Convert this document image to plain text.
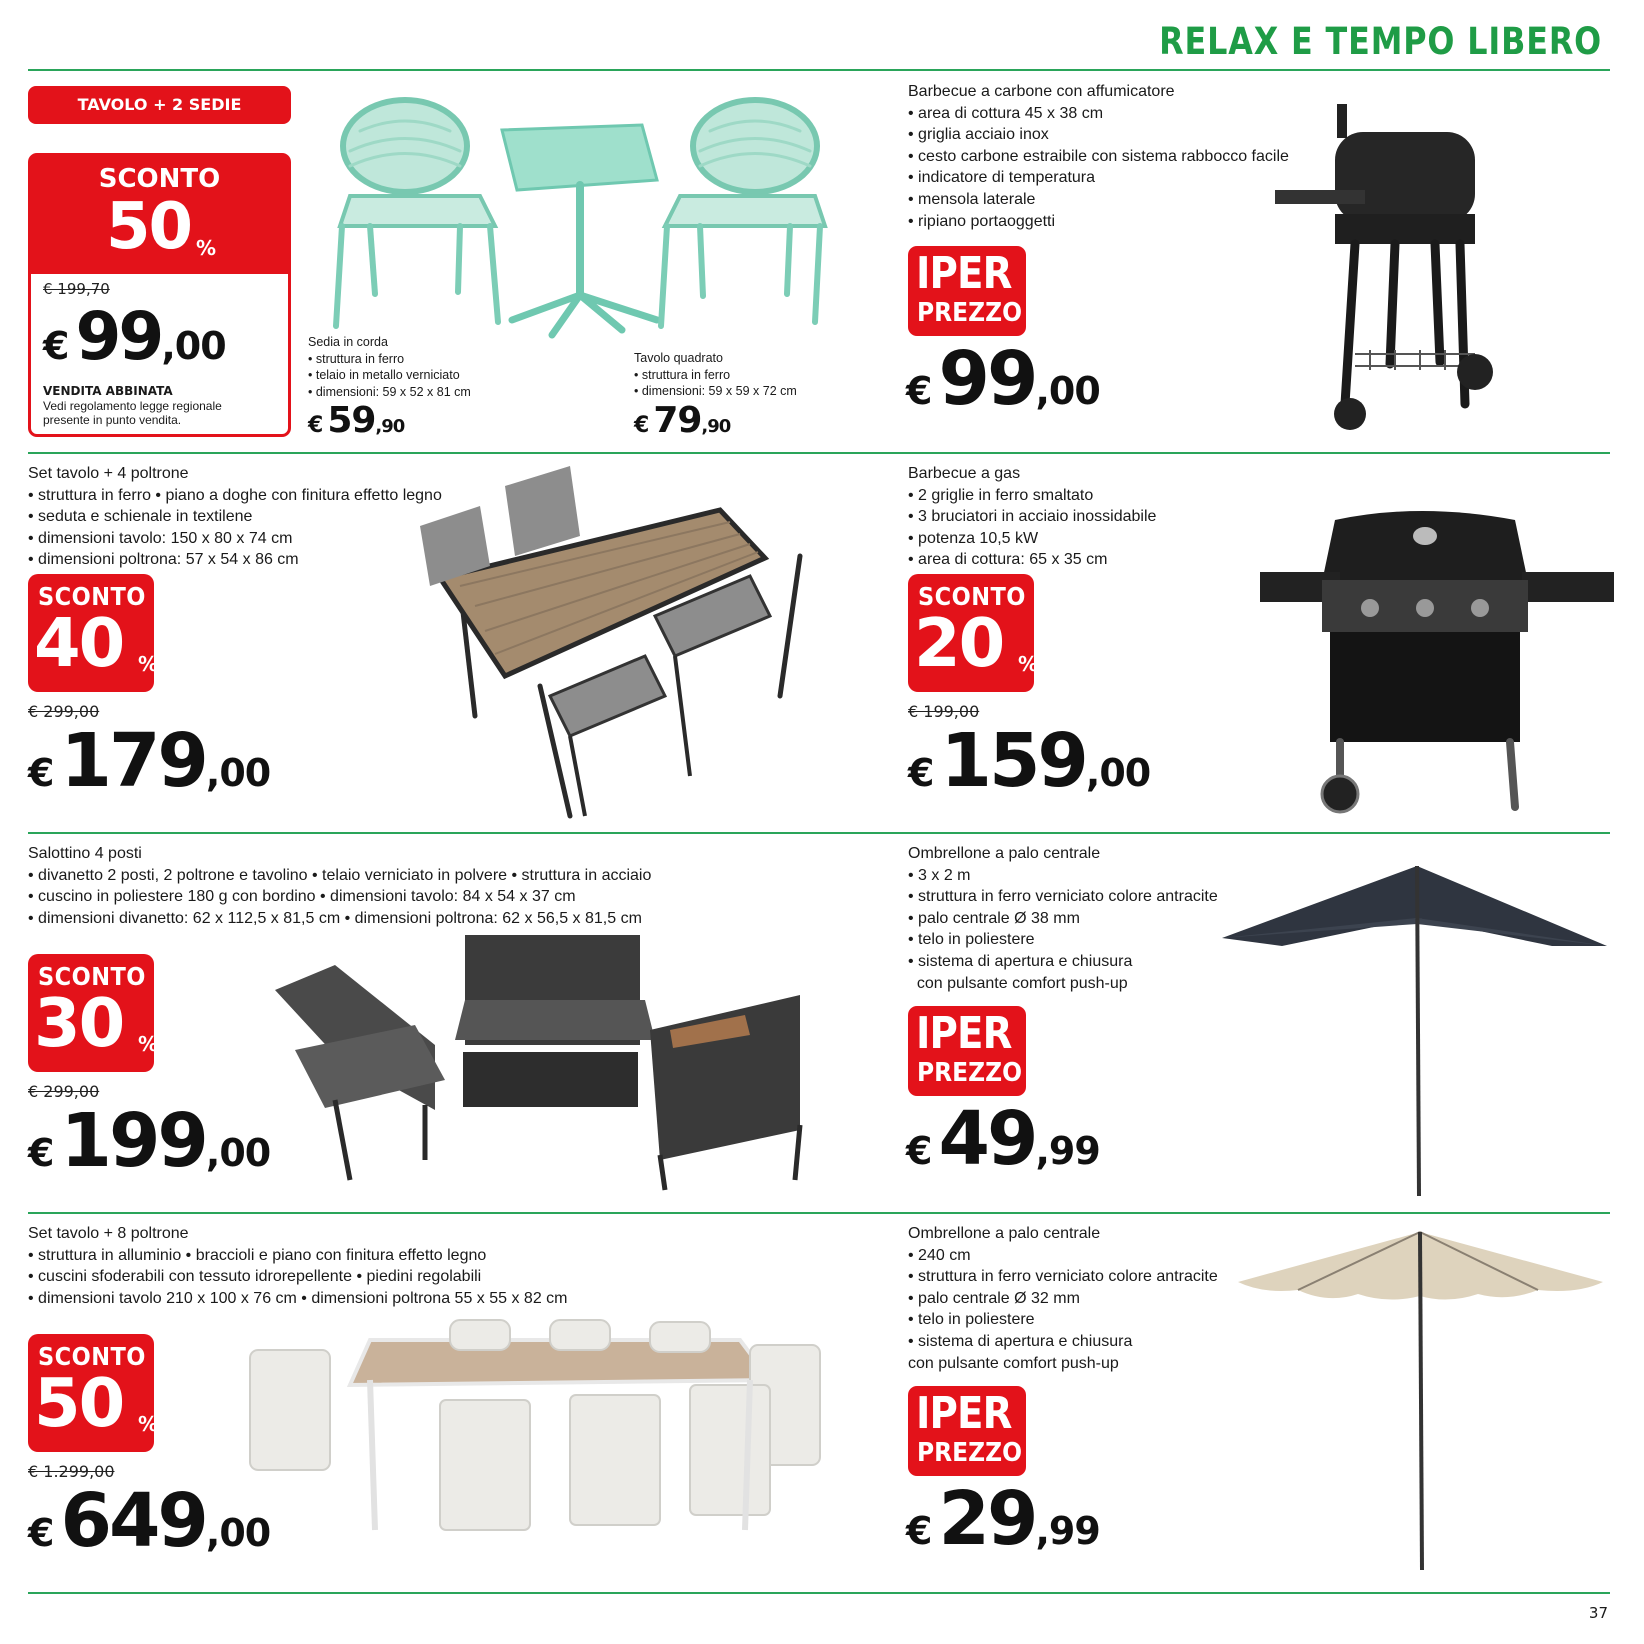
RELAX E TEMPO LIBERO
TAVOLO + 2 SEDIE
SCONTO
50 %
€ 199,70
€99,00
VENDITA ABBINATA
Vedi regolamento legge regionale
presente in punto vendita.
Sedia in corda
• struttura in ferro
• telaio in metallo verniciato
• dimensioni: 59 x 52 x 81 cm
€ 59,90
Tavolo quadrato
• struttura in ferro
• dimensioni: 59 x 59 x 72 cm
€ 79,90
Barbecue a carbone con affumicatore
• area di cottura 45 x 38 cm
• griglia acciaio inox
• cesto carbone estraibile con sistema rabbocco facile
• indicatore di temperatura
• mensola laterale
• ripiano portaoggetti
IPER
PREZZO
€99,00
Set tavolo + 4 poltrone
• struttura in ferro • piano a doghe con finitura effetto legno
• seduta e schienale in textilene
• dimensioni tavolo: 150 x 80 x 74 cm
• dimensioni poltrona: 57 x 54 x 86 cm
SCONTO
40 %
€ 299,00
€179,00
Barbecue a gas
• 2 griglie in ferro smaltato
• 3 bruciatori in acciaio inossidabile
• potenza 10,5 kW
• area di cottura: 65 x 35 cm
SCONTO
20 %
€ 199,00
€159,00
Salottino 4 posti
• divanetto 2 posti, 2 poltrone e tavolino • telaio verniciato in polvere • struttura in acciaio
• cuscino in poliestere 180 g con bordino • dimensioni tavolo: 84 x 54 x 37 cm
• dimensioni divanetto: 62 x 112,5 x 81,5 cm • dimensioni poltrona: 62 x 56,5 x 81,5 cm
SCONTO
30 %
€ 299,00
€199,00
Ombrellone a palo centrale
• 3 x 2 m
• struttura in ferro verniciato colore antracite
• palo centrale Ø 38 mm
• telo in poliestere
• sistema di apertura e chiusura
con pulsante comfort push-up
IPER
PREZZO
€49,99
Set tavolo + 8 poltrone
• struttura in alluminio • braccioli e piano con finitura effetto legno
• cuscini sfoderabili con tessuto idrorepellente • piedini regolabili
• dimensioni tavolo 210 x 100 x 76 cm • dimensioni poltrona 55 x 55 x 82 cm
SCONTO
50 %
€ 1.299,00
€649,00
Ombrellone a palo centrale
• 240 cm
• struttura in ferro verniciato colore antracite
• palo centrale Ø 32 mm
• telo in poliestere
• sistema di apertura e chiusura
con pulsante comfort push-up
IPER
PREZZO
€29,99
37
